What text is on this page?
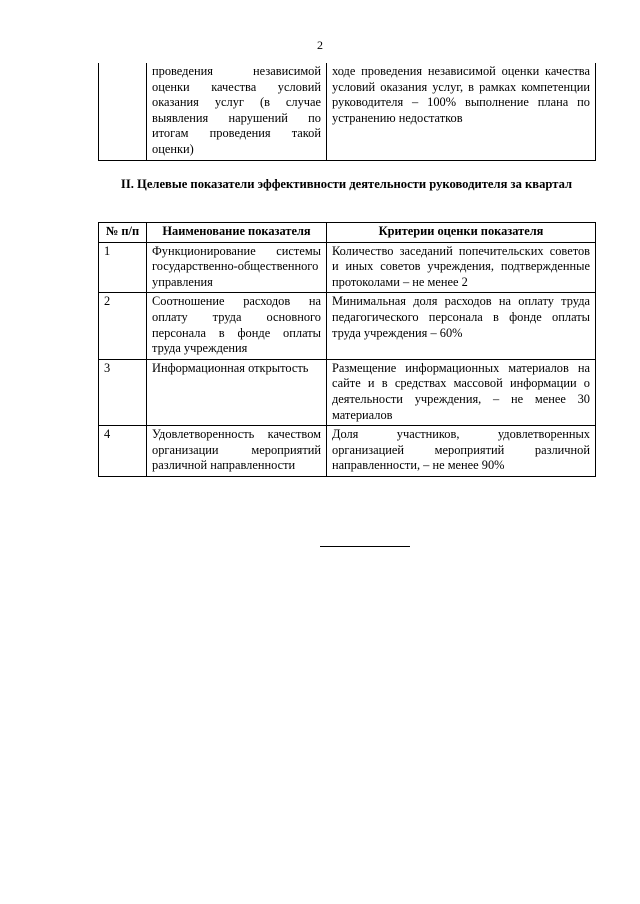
2
	проведения независимой оценки качества условий оказания услуг (в случае выявления нарушений по итогам проведения такой оценки)	ходе проведения независимой оценки качества условий оказания услуг, в рамках компетенции руководителя – 100% выполнение плана по устранению недостатков
II. Целевые показатели эффективности деятельности руководителя за квартал
№ п/п	Наименование показателя	Критерии оценки показателя
1	Функционирование системы государственно-общественного управления	Количество заседаний попечительских советов и иных советов учреждения, подтвержденные протоколами – не менее 2
2	Соотношение расходов на оплату труда основного персонала в фонде оплаты труда учреждения	Минимальная доля расходов на оплату труда педагогического персонала в фонде оплаты труда учреждения – 60%
3	Информационная открытость	Размещение информационных материалов на сайте и в средствах массовой информации о деятельности учреждения, – не менее 30 материалов
4	Удовлетворенность качеством организации мероприятий различной направленности	Доля участников, удовлетворенных организацией мероприятий различной направленности, – не менее 90%
